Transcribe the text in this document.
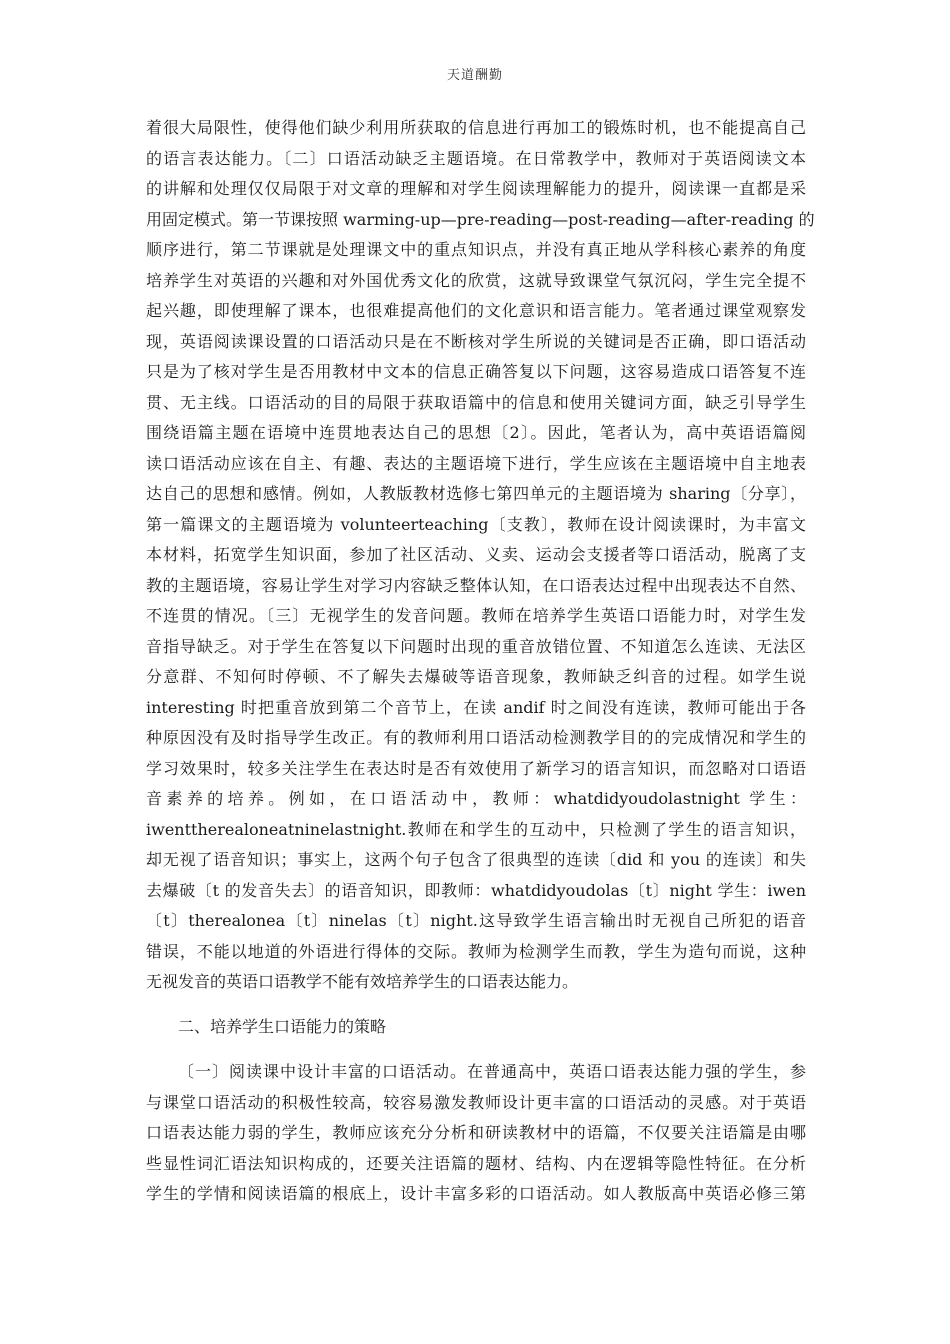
天道酬勤
着很大局限性，使得他们缺少利用所获取的信息进行再加工的锻炼时机，也不能提高自己
的语言表达能力。〔二〕口语活动缺乏主题语境。在日常教学中，教师对于英语阅读文本
的讲解和处理仅仅局限于对文章的理解和对学生阅读理解能力的提升，阅读课一直都是采
用固定模式。第一节课按照 warming-up—pre-reading—post-reading—after-reading 的
顺序进行，第二节课就是处理课文中的重点知识点，并没有真正地从学科核心素养的角度
培养学生对英语的兴趣和对外国优秀文化的欣赏，这就导致课堂气氛沉闷，学生完全提不
起兴趣，即使理解了课本，也很难提高他们的文化意识和语言能力。笔者通过课堂观察发
现，英语阅读课设置的口语活动只是在不断核对学生所说的关键词是否正确，即口语活动
只是为了核对学生是否用教材中文本的信息正确答复以下问题，这容易造成口语答复不连
贯、无主线。口语活动的目的局限于获取语篇中的信息和使用关键词方面，缺乏引导学生
围绕语篇主题在语境中连贯地表达自己的思想〔2〕。因此，笔者认为，高中英语语篇阅
读口语活动应该在自主、有趣、表达的主题语境下进行，学生应该在主题语境中自主地表
达自己的思想和感情。例如，人教版教材选修七第四单元的主题语境为 sharing〔分享〕，
第一篇课文的主题语境为 volunteerteaching〔支教〕，教师在设计阅读课时，为丰富文
本材料，拓宽学生知识面，参加了社区活动、义卖、运动会支援者等口语活动，脱离了支
教的主题语境，容易让学生对学习内容缺乏整体认知，在口语表达过程中出现表达不自然、
不连贯的情况。〔三〕无视学生的发音问题。教师在培养学生英语口语能力时，对学生发
音指导缺乏。对于学生在答复以下问题时出现的重音放错位置、不知道怎么连读、无法区
分意群、不知何时停顿、不了解失去爆破等语音现象，教师缺乏纠音的过程。如学生说
interesting 时把重音放到第二个音节上，在读 andif 时之间没有连读，教师可能出于各
种原因没有及时指导学生改正。有的教师利用口语活动检测教学目的的完成情况和学生的
学习效果时，较多关注学生在表达时是否有效使用了新学习的语言知识，而忽略对口语语
音素养的培养。例如，在口语活动中，教师：whatdidyoudolastnight 学生：
iwenttherealoneatninelastnight.教师在和学生的互动中，只检测了学生的语言知识，
却无视了语音知识；事实上，这两个句子包含了很典型的连读〔did 和 you 的连读〕和失
去爆破〔t 的发音失去〕的语音知识，即教师：whatdidyoudolas〔t〕night 学生：iwen
〔t〕therealonea〔t〕ninelas〔t〕night.这导致学生语言输出时无视自己所犯的语音
错误，不能以地道的外语进行得体的交际。教师为检测学生而教，学生为造句而说，这种
无视发音的英语口语教学不能有效培养学生的口语表达能力。
二、培养学生口语能力的策略
〔一〕阅读课中设计丰富的口语活动。在普通高中，英语口语表达能力强的学生，参
与课堂口语活动的积极性较高，较容易激发教师设计更丰富的口语活动的灵感。对于英语
口语表达能力弱的学生，教师应该充分分析和研读教材中的语篇，不仅要关注语篇是由哪
些显性词汇语法知识构成的，还要关注语篇的题材、结构、内在逻辑等隐性特征。在分析
学生的学情和阅读语篇的根底上，设计丰富多彩的口语活动。如人教版高中英语必修三第
